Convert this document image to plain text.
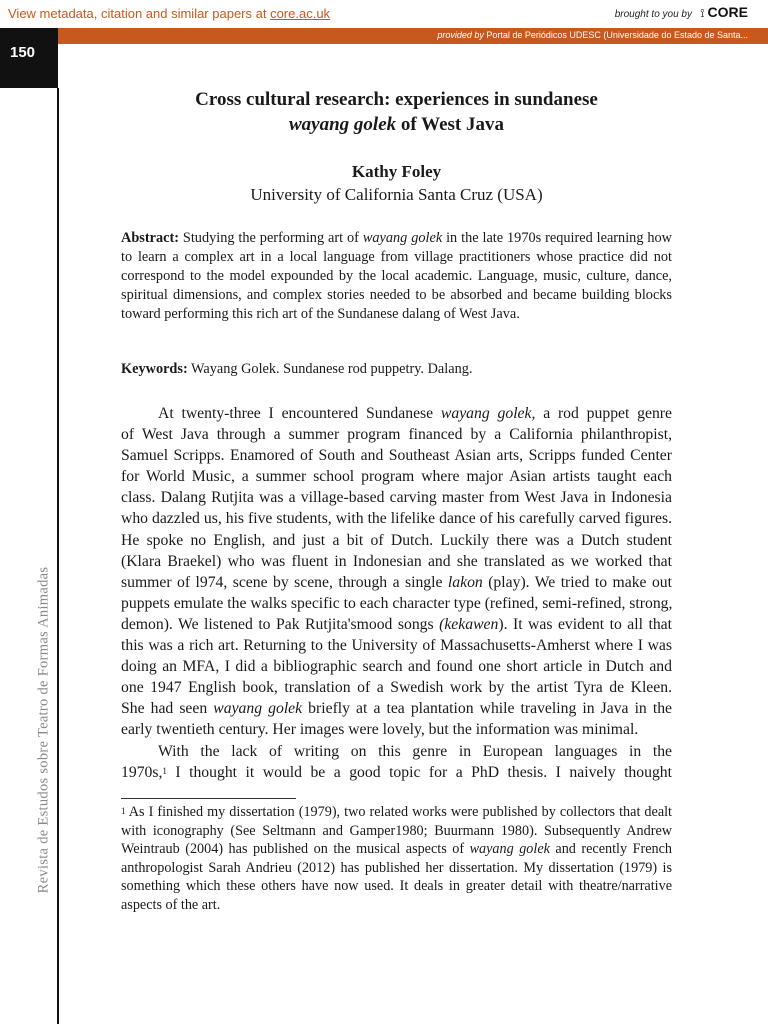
View metadata, citation and similar papers at core.ac.uk	brought to you by ⟟ CORE
provided by Portal de Periódicos UDESC (Universidade do Estado de Santa...
150
Revista de Estudos sobre Teatro de Formas Animadas
Cross cultural research: experiences in sundanese
wayang golek of West Java
Kathy Foley
University of California Santa Cruz (USA)
Abstract: Studying the performing art of wayang golek in the late 1970s required learning how to learn a complex art in a local language from village practitioners whose practice did not correspond to the model expounded by the local academic. Language, music, culture, dance, spiritual dimensions, and complex stories needed to be absorbed and became building blocks toward performing this rich art of the Sundanese dalang of West Java.
Keywords: Wayang Golek. Sundanese rod puppetry. Dalang.
At twenty-three I encountered Sundanese wayang golek, a rod puppet genre
of West Java through a summer program financed by a California philanthropist,
Samuel Scripps. Enamored of South and Southeast Asian arts, Scripps funded Center
for World Music, a summer school program where major Asian artists taught each
class. Dalang Rutjita was a village-based carving master from West Java in Indonesia
who dazzled us, his five students, with the lifelike dance of his carefully carved figures.
He spoke no English, and just a bit of Dutch. Luckily there was a Dutch student
(Klara Braekel) who was fluent in Indonesian and she translated as we worked that
summer of l974, scene by scene, through a single lakon (play). We tried to make out
puppets emulate the walks specific to each character type (refined, semi-refined, strong,
demon). We listened to Pak Rutjita'smood songs (kekawen). It was evident to all that
this was a rich art. Returning to the University of Massachusetts-Amherst where I was
doing an MFA, I did a bibliographic search and found one short article in Dutch and
one 1947 English book, translation of a Swedish work by the artist Tyra de Kleen.
She had seen wayang golek briefly at a tea plantation while traveling in Java in the
early twentieth century. Her images were lovely, but the information was minimal.
With the lack of writing on this genre in European languages in the
1970s,$^1$ I thought it would be a good topic for a PhD thesis. I naively thought
$^1$ As I finished my dissertation (1979), two related works were published by collectors that dealt with iconography (See Seltmann and Gamper1980; Buurmann 1980). Subsequently Andrew Weintraub (2004) has published on the musical aspects of wayang golek and recently French anthropologist Sarah Andrieu (2012) has published her dissertation. My dissertation (1979) is something which these others have now used. It deals in greater detail with theatre/narrative aspects of the art.
